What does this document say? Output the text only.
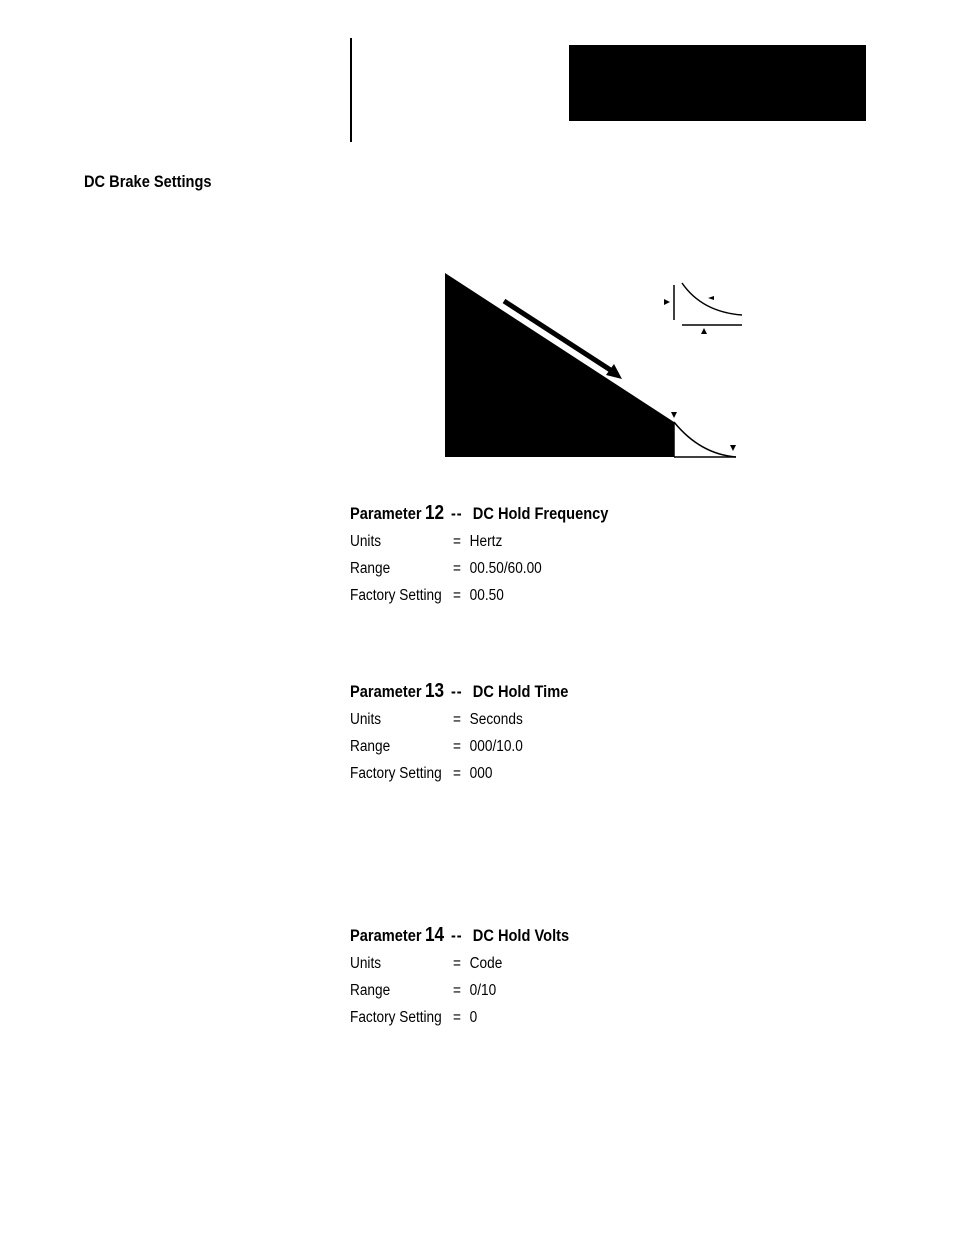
DC Brake Settings
Parameter 12 -- DC Hold Frequency
Units	= Hertz
Range	= 00.50/60.00
Factory Setting = 00.50
Parameter 13 -- DC Hold Time
Units	= Seconds
Range	= 000/10.0
Factory Setting = 000
Parameter 14 -- DC Hold Volts
Units	= Code
Range	= 0/10
Factory Setting = 0
